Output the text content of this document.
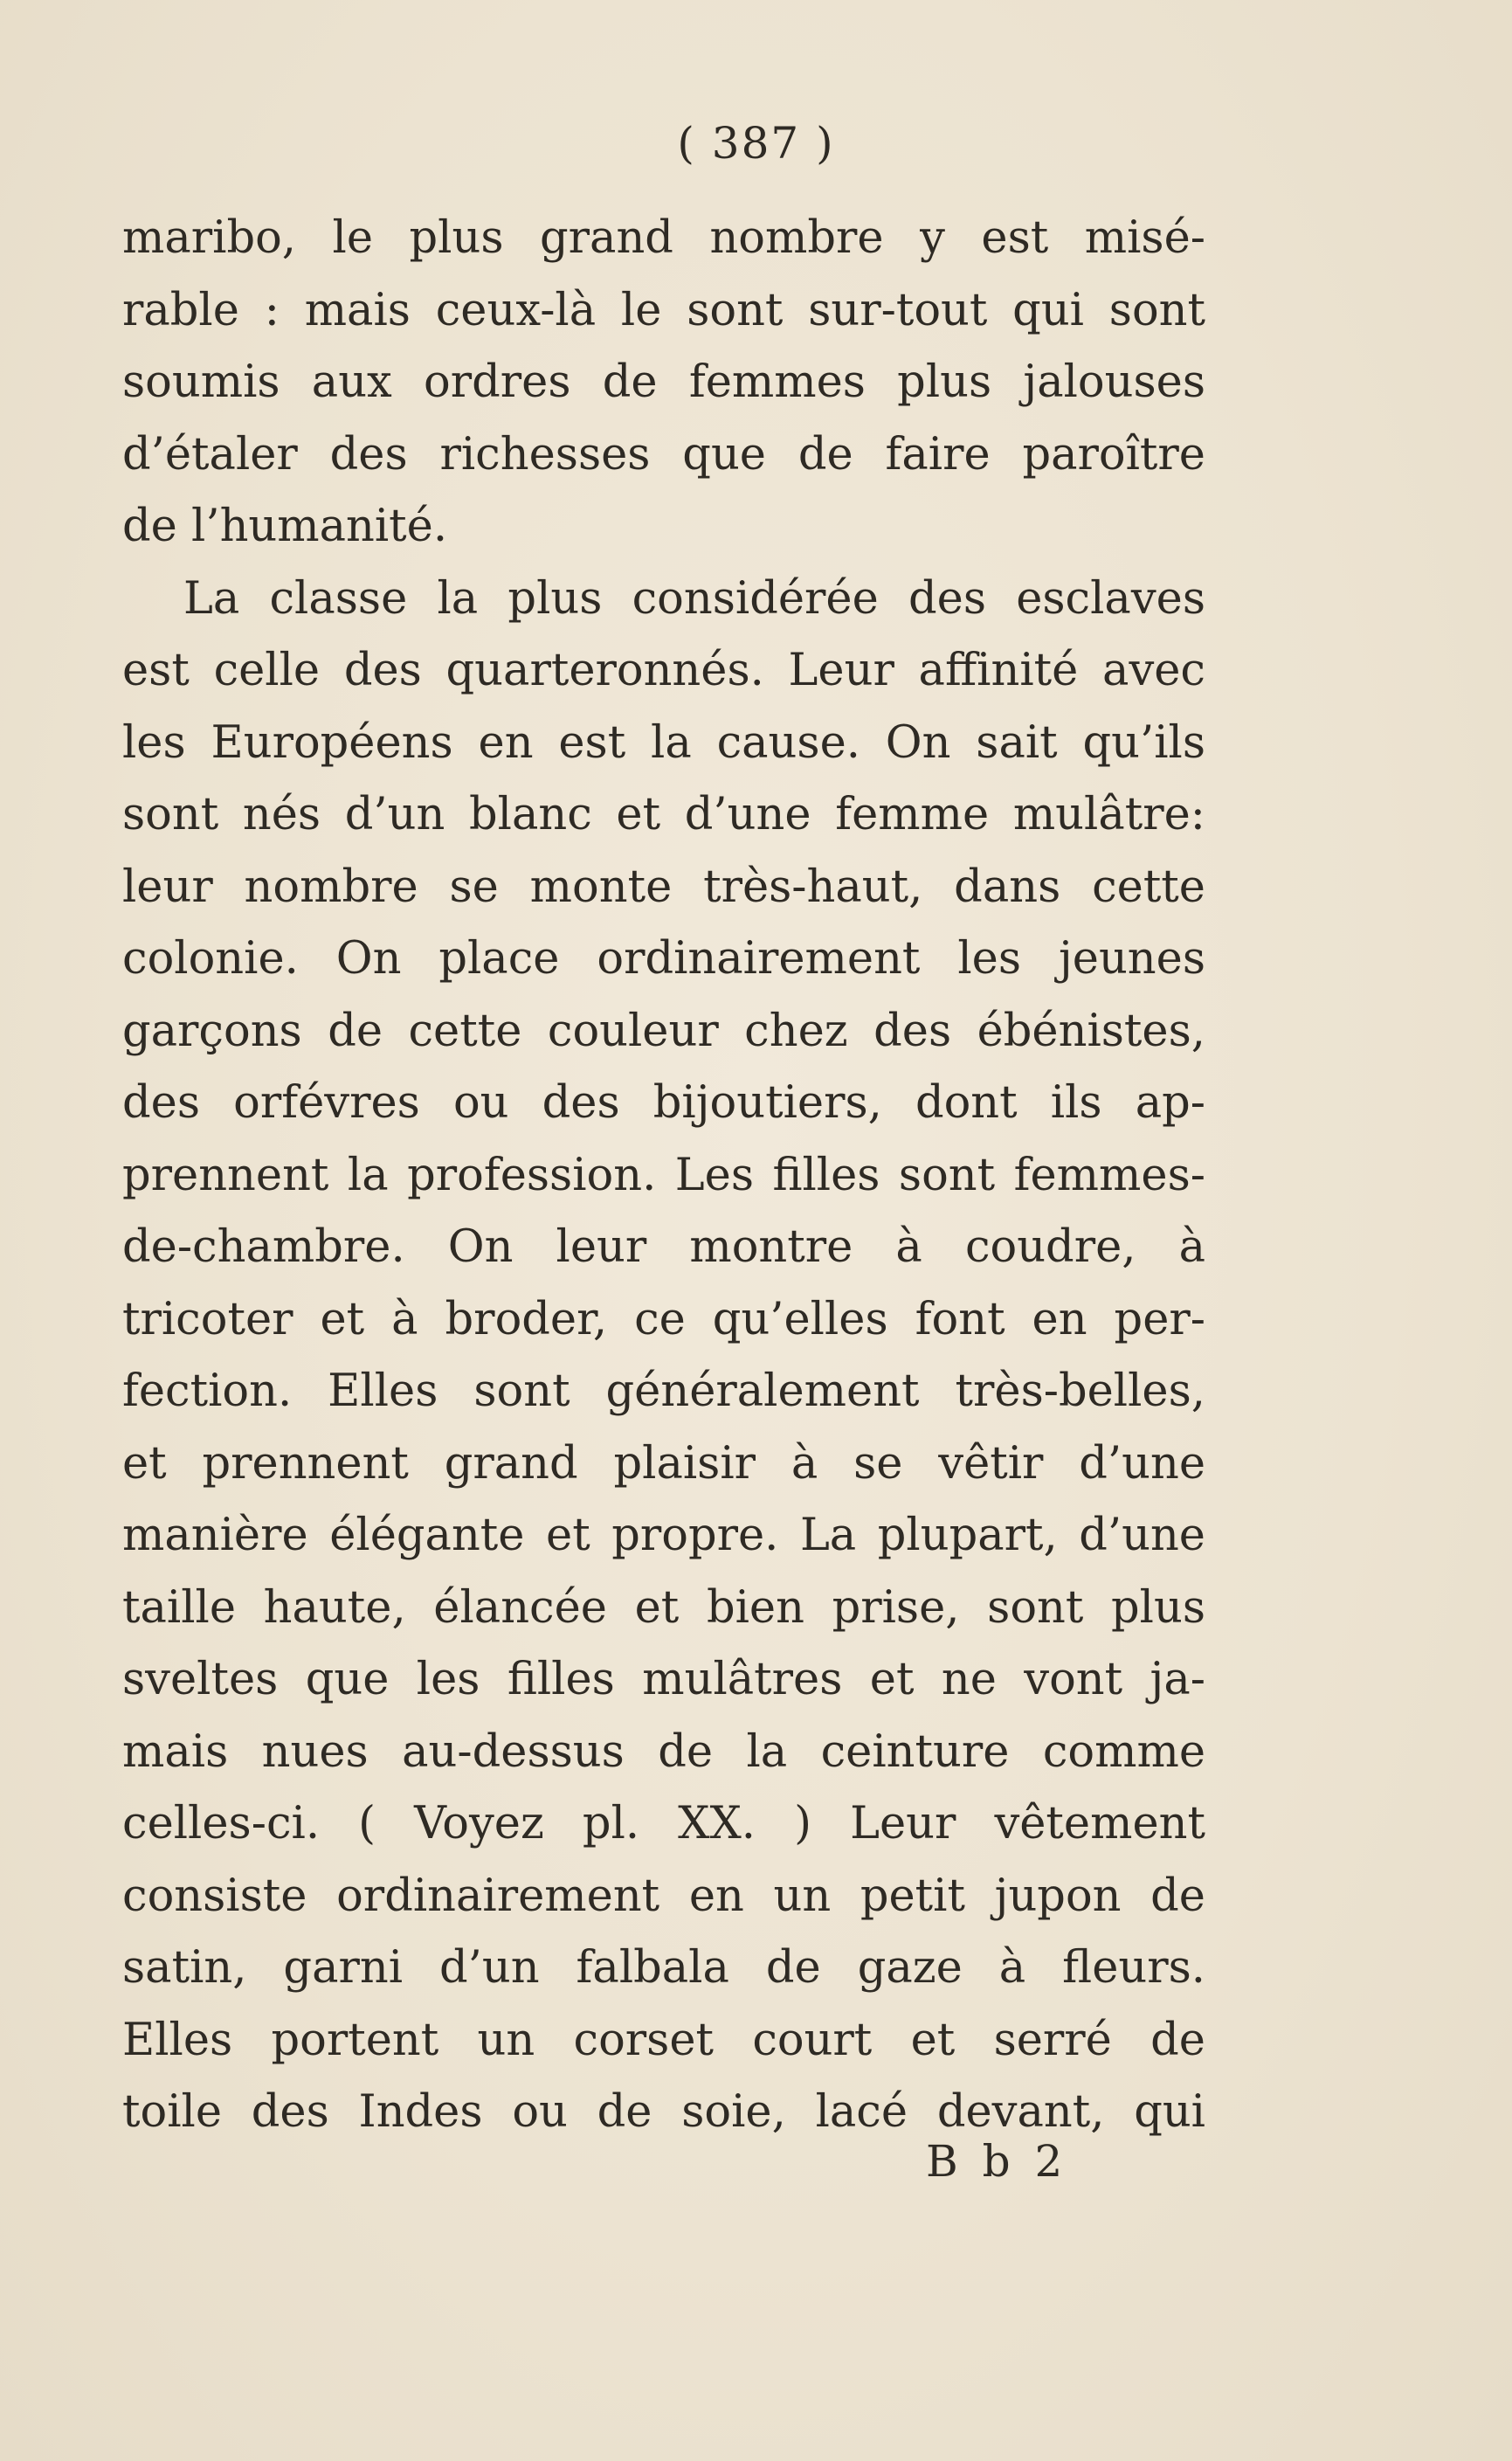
( 387 )
maribo, le plus grand nombre y est misé-
rable : mais ceux-là le sont sur-tout qui sont
soumis aux ordres de femmes plus jalouses
d’étaler des richesses que de faire paroître
de l’humanité.
La classe la plus considérée des esclaves
est celle des quarteronnés. Leur affinité avec
les Européens en est la cause. On sait qu’ils
sont nés d’un blanc et d’une femme mulâtre:
leur nombre se monte très-haut, dans cette
colonie. On place ordinairement les jeunes
garçons de cette couleur chez des ébénistes,
des orfévres ou des bijoutiers, dont ils ap-
prennent la profession. Les filles sont femmes-
de-chambre. On leur montre à coudre, à
tricoter et à broder, ce qu’elles font en per-
fection. Elles sont généralement très-belles,
et prennent grand plaisir à se vêtir d’une
manière élégante et propre. La plupart, d’une
taille haute, élancée et bien prise, sont plus
sveltes que les filles mulâtres et ne vont ja-
mais nues au-dessus de la ceinture comme
celles-ci. ( Voyez pl. XX. ) Leur vêtement
consiste ordinairement en un petit jupon de
satin, garni d’un falbala de gaze à fleurs.
Elles portent un corset court et serré de
toile des Indes ou de soie, lacé devant, qui
B b 2
